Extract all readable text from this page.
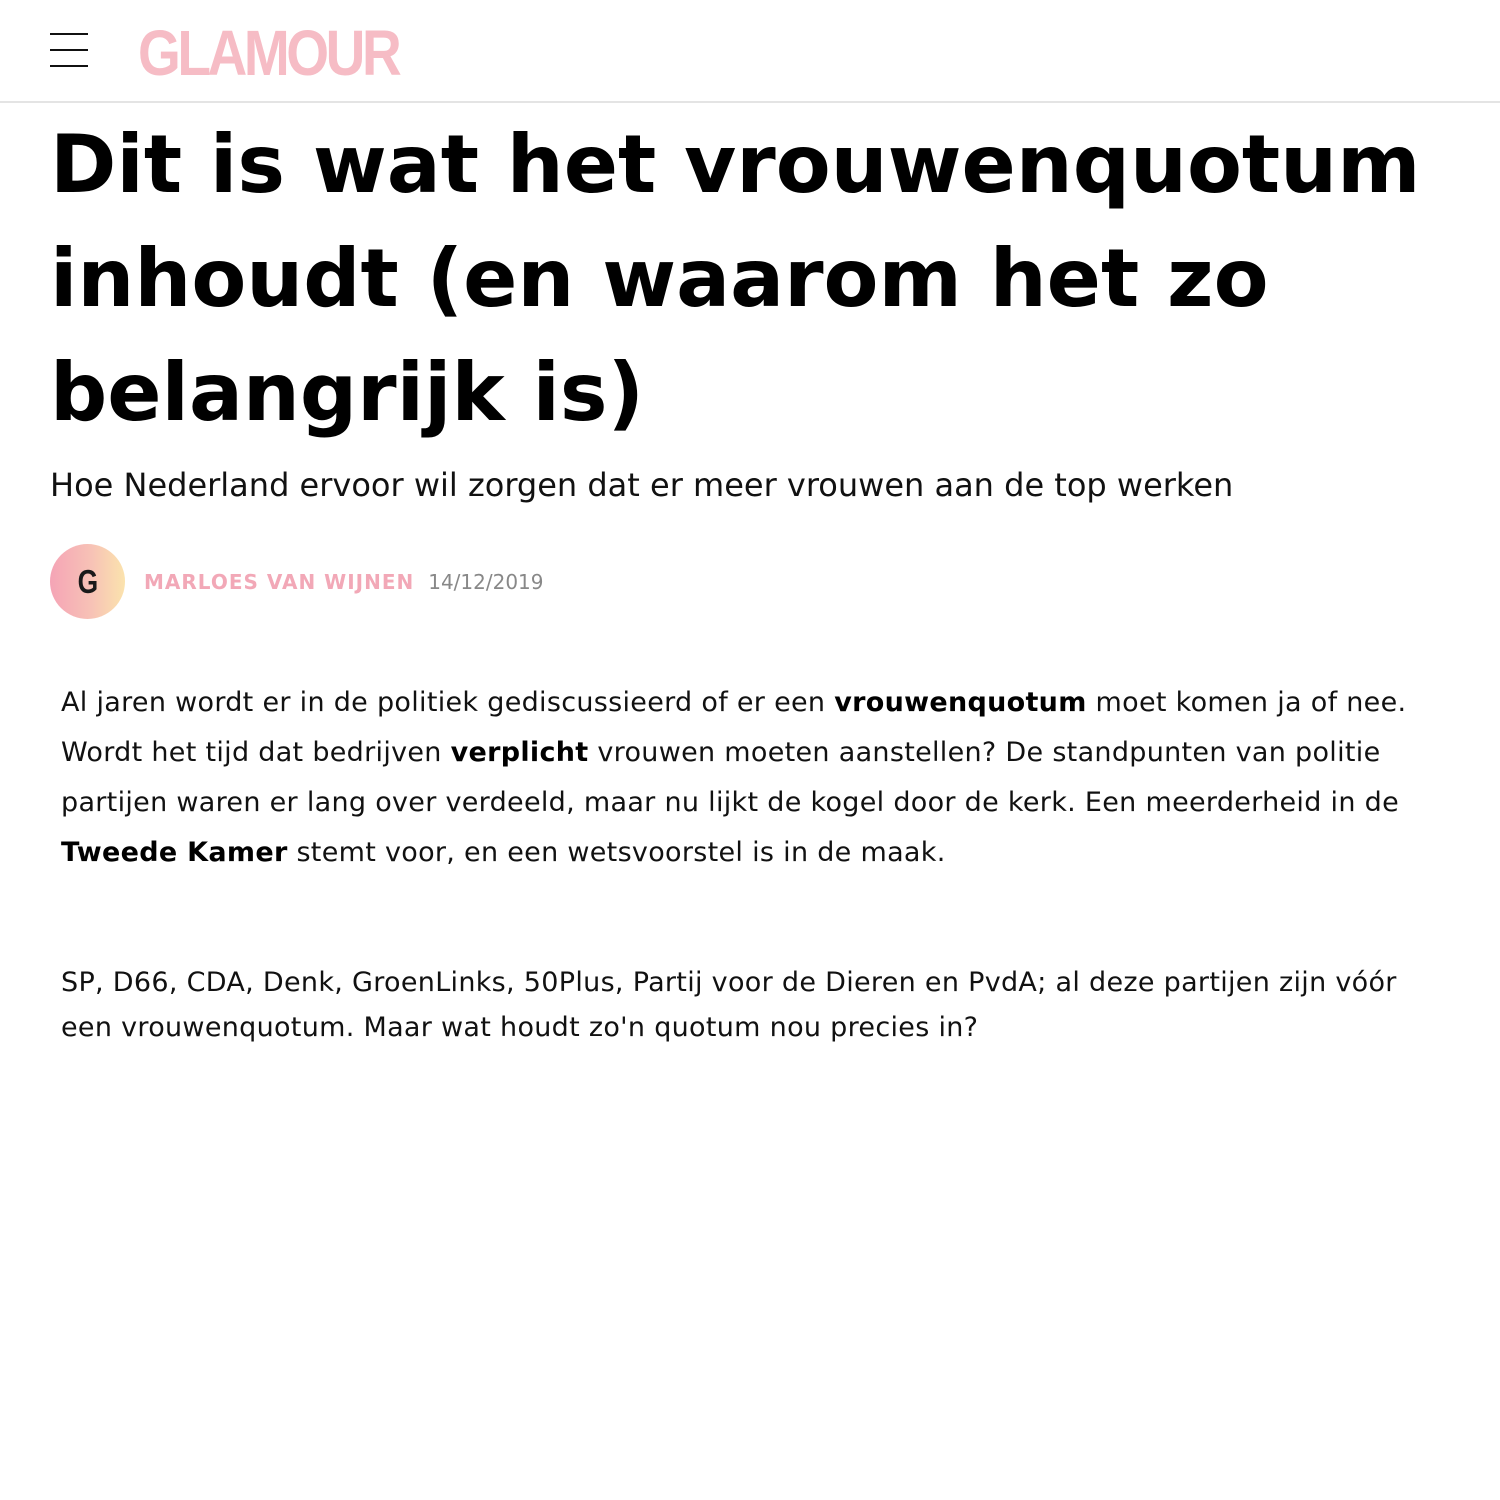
GLAMOUR
Dit is wat het vrouwenquotum inhoudt (en waarom het zo belangrijk is)

Hoe Nederland ervoor wil zorgen dat er meer vrouwen aan de top werken

G MARLOES VAN WIJNEN 14/12/2019

Al jaren wordt er in de politiek gediscussieerd of er een vrouwenquotum moet komen ja of nee. Wordt het tijd dat bedrijven verplicht vrouwen moeten aanstellen? De standpunten van politie partijen waren er lang over verdeeld, maar nu lijkt de kogel door de kerk. Een meerderheid in de Tweede Kamer stemt voor, en een wetsvoorstel is in de maak.

SP, D66, CDA, Denk, GroenLinks, 50Plus, Partij voor de Dieren en PvdA; al deze partijen zijn vóór een vrouwenquotum. Maar wat houdt zo'n quotum nou precies in?
